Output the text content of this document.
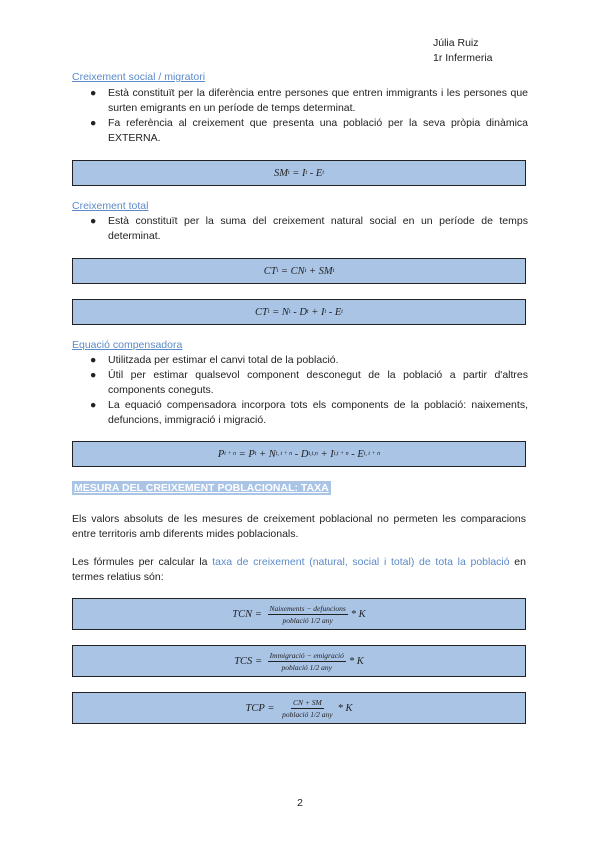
Júlia Ruiz
1r Infermeria
Creixement social / migratori
● Està constituït per la diferència entre persones que entren immigrants i les persones que surten emigrants en un període de temps determinat.
● Fa referència al creixement que presenta una població per la seva pròpia dinàmica EXTERNA.
SM t = I t - E t
Creixement total
● Està constituït per la suma del creixement natural social en un període de temps determinat.
CT t = CN t + SM t
CT t = N t - D t + I t - E t
Equació compensadora
● Utilitzada per estimar el canvi total de la població.
● Útil per estimar qualsevol component desconegut de la població a partir d'altres components coneguts.
● La equació compensadora incorpora tots els components de la població: naixements, defuncions, immigració i migració.
P t + n = P t + N t, t + n - D t,t,n + I t,t + n - E t, t + n
MESURA DEL CREIXEMENT POBLACIONAL: TAXA
Els valors absoluts de les mesures de creixement poblacional no permeten les comparacions entre territoris amb diferents mides poblacionals.
Les fórmules per calcular la taxa de creixement (natural, social i total) de tota la població en termes relatius són:
TCN = $\frac{\text{Naixements − defuncions}}{\text{població 1/2 any}}$ * K
TCS = $\frac{\text{Immigració − emigració}}{\text{població 1/2 any}}$ * K
TCP = $\frac{CN + SM}{\text{població 1/2 any}}$ * K
2
